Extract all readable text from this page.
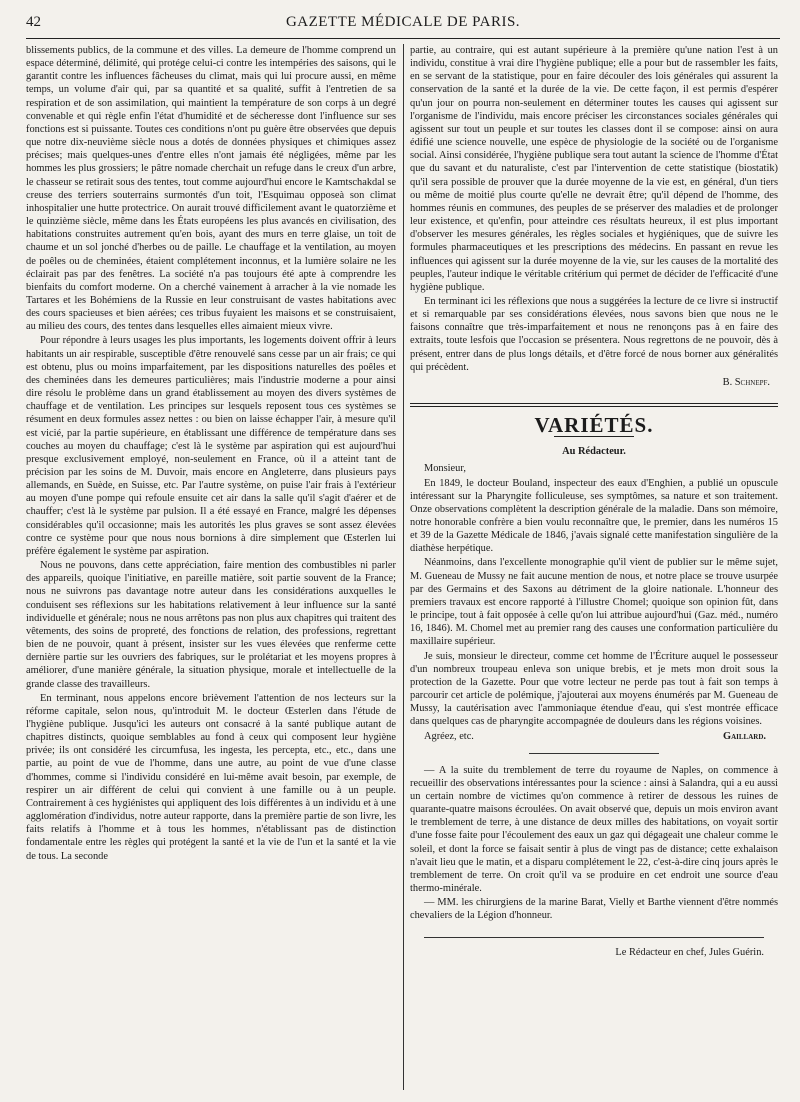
42	GAZETTE MÉDICALE DE PARIS.

blissements publics, de la commune et des villes. La demeure de l'homme comprend un espace déterminé, délimité, qui protége celui-ci contre les intempéries des saisons, qui le garantit contre les influences fâcheuses du climat, mais qui lui procure aussi, en même temps, un volume d'air qui, par sa quantité et sa qualité, suffit à l'entretien de sa respiration et de son assimilation, qui maintient la température de son corps à un degré convenable et qui règle enfin l'état d'humidité et de sécheresse dont l'influence sur ses fonctions est si puissante. Toutes ces conditions n'ont pu guère être observées que depuis que notre dix-neuvième siècle nous a dotés de données physiques et chimiques assez précises; mais quelques-unes d'entre elles n'ont jamais été négligées, même par les hommes les plus grossiers; le pâtre nomade cherchait un refuge dans le creux d'un arbre, le chasseur se retirait sous des tentes, tout comme aujourd'hui encore le Kamtschakdal se creuse des terriers souterrains surmontés d'un toit, l'Esquimau opposeà son climat inhospitalier une hutte protectrice. On aurait trouvé difficilement avant le quatorzième et le quinzième siècle, même dans les États européens les plus avancés en civilisation, des habitations construites autrement qu'en bois, ayant des murs en terre glaise, un toit de chaume et un sol jonché d'herbes ou de paille. Le chauffage et la ventilation, au moyen de poêles ou de cheminées, étaient complétement inconnus, et la lumière solaire ne les éclairait pas par des fenêtres. La société n'a pas toujours été apte à comprendre les bienfaits du comfort moderne. On a cherché vainement à arracher à la vie nomade les Tartares et les Bohémiens de la Russie en leur construisant de vastes habitations avec des cours spacieuses et bien aérées; ces tribus fuyaient les maisons et se construisaient, au milieu des cours, des tentes dans lesquelles elles aimaient mieux vivre.

Pour répondre à leurs usages les plus importants, les logements doivent offrir à leurs habitants un air respirable, susceptible d'être renouvelé sans cesse par un air frais; ce qui est obtenu, plus ou moins imparfaitement, par les dispositions naturelles des poêles et des cheminées dans les demeures particulières; mais l'industrie moderne a pour ainsi dire résolu le problème dans un grand établissement au moyen des divers systèmes de chauffage et de ventilation. Les principes sur lesquels reposent tous ces systèmes se résument en deux formules assez nettes : ou bien on laisse échapper l'air, à mesure qu'il est vicié, par la partie supérieure, en établissant une différence de température dans ses couches au moyen du chauffage; c'est là le système par aspiration qui est aujourd'hui presque exclusivement employé, non-seulement en France, où il a atteint tant de précision par les soins de M. Duvoir, mais encore en Angleterre, dans plusieurs pays allemands, en Suède, en Suisse, etc. Par l'autre système, on puise l'air frais à l'extérieur au moyen d'une pompe qui refoule ensuite cet air dans la salle qu'il s'agit d'aérer et de chauffer; c'est là le système par pulsion. Il a été essayé en France, malgré les dépenses considérables qu'il occasionne; mais les autorités les plus graves se sont assez élevées contre ce système pour que nous nous bornions à dire simplement que Œsterlen lui préfère également le système par aspiration.

Nous ne pouvons, dans cette appréciation, faire mention des combustibles ni parler des appareils, quoique l'initiative, en pareille matière, soit partie souvent de la France; nous ne suivrons pas davantage notre auteur dans les considérations auxquelles le conduisent ses réflexions sur les habitations relativement à leur influence sur la santé individuelle et générale; nous ne nous arrêtons pas non plus aux chapitres qui traitent des vêtements, des soins de propreté, des fonctions de relation, des professions, regrettant bien de ne pouvoir, quant à présent, insister sur les vues élevées que renferme cette dernière partie sur les ouvriers des fabriques, sur le prolétariat et les moyens propres à améliorer, d'une manière générale, la situation physique, morale et intellectuelle de la grande classe des travailleurs.

En terminant, nous appelons encore brièvement l'attention de nos lecteurs sur la réforme capitale, selon nous, qu'introduit M. le docteur Œsterlen dans l'étude de l'hygiène publique. Jusqu'ici les auteurs ont consacré à la santé publique autant de chapitres distincts, quoique semblables au fond à ceux qui composent leur hygiène privée; ils ont considéré les circumfusa, les ingesta, les percepta, etc., etc., dans une partie, au point de vue de l'homme, dans une autre, au point de vue d'une classe d'hommes, comme si l'individu considéré en lui-même avait besoin, par exemple, de respirer un air différent de celui qui convient à une famille ou à un peuple. Contrairement à ces hygiénistes qui appliquent des lois différentes à un individu et à une agglomération d'individus, notre auteur rapporte, dans la première partie de son livre, les faits relatifs à l'homme et à tous les hommes, n'établissant pas de distinction fondamentale entre les règles qui protégent la santé et la vie de l'un et la santé et la vie de tous. La seconde

partie, au contraire, qui est autant supérieure à la première qu'une nation l'est à un individu, constitue à vrai dire l'hygiène publique; elle a pour but de rassembler les faits, en se servant de la statistique, pour en faire découler des lois générales qui assurent la conservation de la santé et la durée de la vie. De cette façon, il est permis d'espérer qu'un jour on pourra non-seulement en déterminer toutes les causes qui agissent sur l'organisme de l'individu, mais encore préciser les circonstances sociales générales qui agissent sur tout un peuple et sur toutes les classes dont il se compose: ainsi on aura édifié une science nouvelle, une espèce de physiologie de la société ou de l'organisme social. Ainsi considérée, l'hygiène publique sera tout autant la science de l'homme d'État que du savant et du naturaliste, c'est par l'intervention de cette statistique (biostatik) qu'il sera possible de prouver que la durée moyenne de la vie est, en général, d'un tiers ou même de moitié plus courte qu'elle ne devrait être; qu'il dépend de l'homme, des hommes réunis en communes, des peuples de se préserver des maladies et de prolonger leur existence, et qu'enfin, pour atteindre ces résultats heureux, il est plus important d'observer les mesures générales, les règles sociales et hygiéniques, que de suivre les formules pharmaceutiques et les prescriptions des médecins. En passant en revue les influences qui agissent sur la durée moyenne de la vie, sur les causes de la mortalité des peuples, l'auteur indique le véritable critérium qui permet de décider de l'efficacité d'une hygiène publique.

En terminant ici les réflexions que nous a suggérées la lecture de ce livre si instructif et si remarquable par ses considérations élevées, nous savons bien que nous ne le faisons connaître que très-imparfaitement et nous ne renonçons pas à en faire des extraits, toute lesfois que l'occasion se présentera. Nous regrettons de ne pouvoir, dès à présent, entrer dans de plus longs détails, et d'être forcé de nous borner aux généralités qui précèdent.

B. Schnepf.
VARIÉTÉS.
Au Rédacteur.

Monsieur,

En 1849, le docteur Bouland, inspecteur des eaux d'Enghien, a publié un opuscule intéressant sur la Pharyngite folliculeuse, ses symptômes, sa nature et son traitement. Onze observations complètent la description générale de la maladie. Dans son mémoire, notre honorable confrère a bien voulu reconnaître que, le premier, dans les numéros 15 et 39 de la Gazette Médicale de 1846, j'avais signalé cette manifestation singulière de la diathèse herpétique.

Néanmoins, dans l'excellente monographie qu'il vient de publier sur le même sujet, M. Gueneau de Mussy ne fait aucune mention de nous, et notre place se trouve usurpée par des Germains et des Saxons au détriment de la gloire nationale. L'honneur des premiers travaux est encore rapporté à l'illustre Chomel; quoique son opinion fût, dans le principe, tout à fait opposée à celle qu'on lui attribue aujourd'hui (Gaz. méd., numéro 16, 1846). M. Chomel met au premier rang des causes une conformation particulière du maxillaire supérieur.

Je suis, monsieur le directeur, comme cet homme de l'Écriture auquel le possesseur d'un nombreux troupeau enleva son unique brebis, et je mets mon droit sous la protection de la Gazette. Pour que votre lecteur ne perde pas tout à fait son temps à parcourir cet article de polémique, j'ajouterai aux moyens énumérés par M. Gueneau de Mussy, la cautérisation avec l'ammoniaque étendue d'eau, qui s'est montrée efficace dans quelques cas de pharyngite accompagnée de douleurs dans les régions voisines.

Agréez, etc.	Gaillard.

— A la suite du tremblement de terre du royaume de Naples, on commence à recueillir des observations intéressantes pour la science : ainsi à Salandra, qui a eu aussi un certain nombre de victimes qu'on commence à retirer de dessous les ruines de quarante-quatre maisons écroulées. On avait observé que, depuis un mois environ avant le tremblement de terre, à une distance de deux milles des habitations, on voyait sortir d'une fosse faite pour l'écoulement des eaux un gaz qui dégageait une chaleur comme le soleil, et dont la force se faisait sentir à plus de vingt pas de distance; cette exhalaison n'avait lieu que le matin, et a disparu complétement le 22, c'est-à-dire cinq jours après le tremblement de terre. On croit qu'il va se produire en cet endroit une source d'eau thermo-minérale.

— MM. les chirurgiens de la marine Barat, Vielly et Barthe viennent d'être nommés chevaliers de la Légion d'honneur.

Le Rédacteur en chef, Jules Guérin.
